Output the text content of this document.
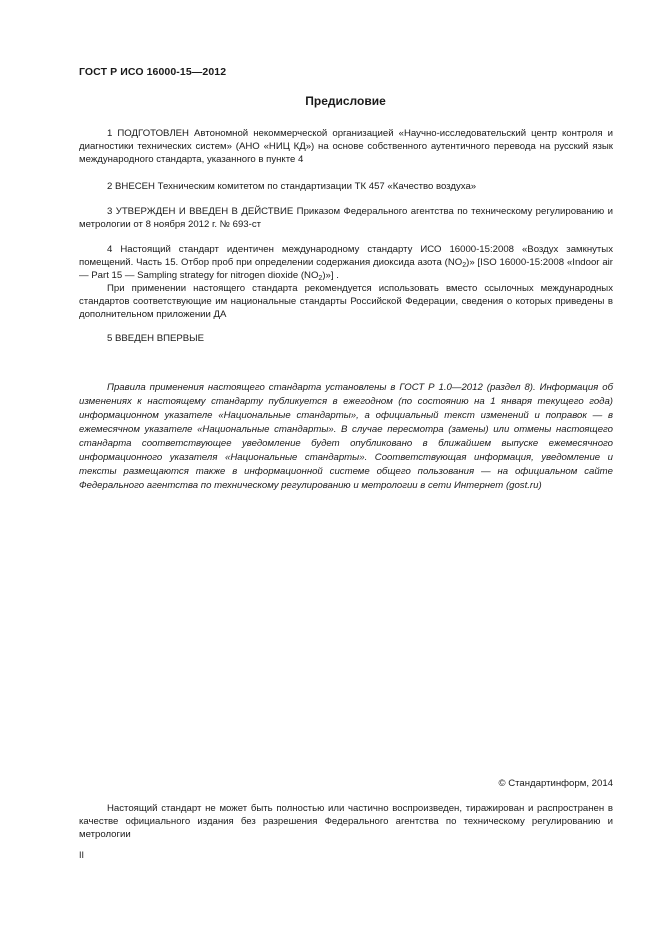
ГОСТ Р ИСО 16000-15—2012
Предисловие

1 ПОДГОТОВЛЕН Автономной некоммерческой организацией «Научно-исследовательский центр контроля и диагностики технических систем» (АНО «НИЦ КД») на основе собственного аутентичного перевода на русский язык международного стандарта, указанного в пункте 4

2 ВНЕСЕН Техническим комитетом по стандартизации ТК 457 «Качество воздуха»

3 УТВЕРЖДЕН И ВВЕДЕН В ДЕЙСТВИЕ Приказом Федерального агентства по техническому регулированию и метрологии от 8 ноября 2012 г. № 693-ст

4 Настоящий стандарт идентичен международному стандарту ИСО 16000-15:2008 «Воздух замкнутых помещений. Часть 15. Отбор проб при определении содержания диоксида азота $(NO_2)$» [ISO 16000-15:2008 «Indoor air — Part 15 — Sampling strategy for nitrogen dioxide $(NO_2)$»] .

При применении настоящего стандарта рекомендуется использовать вместо ссылочных международных стандартов соответствующие им национальные стандарты Российской Федерации, сведения о которых приведены в дополнительном приложении ДА

5 ВВЕДЕН ВПЕРВЫЕ

Правила применения настоящего стандарта установлены в ГОСТ Р 1.0—2012 (раздел 8). Информация об изменениях к настоящему стандарту публикуется в ежегодном (по состоянию на 1 января текущего года) информационном указателе «Национальные стандарты», а официальный текст изменений и поправок — в ежемесячном указателе «Национальные стандарты». В случае пересмотра (замены) или отмены настоящего стандарта соответствующее уведомление будет опубликовано в ближайшем выпуске ежемесячного информационного указателя «Национальные стандарты». Соответствующая информация, уведомление и тексты размещаются также в информационной системе общего пользования — на официальном сайте Федерального агентства по техническому регулированию и метрологии в сети Интернет (gost.ru)
© Стандартинформ, 2014
Настоящий стандарт не может быть полностью или частично воспроизведен, тиражирован и распространен в качестве официального издания без разрешения Федерального агентства по техническому регулированию и метрологии
II
